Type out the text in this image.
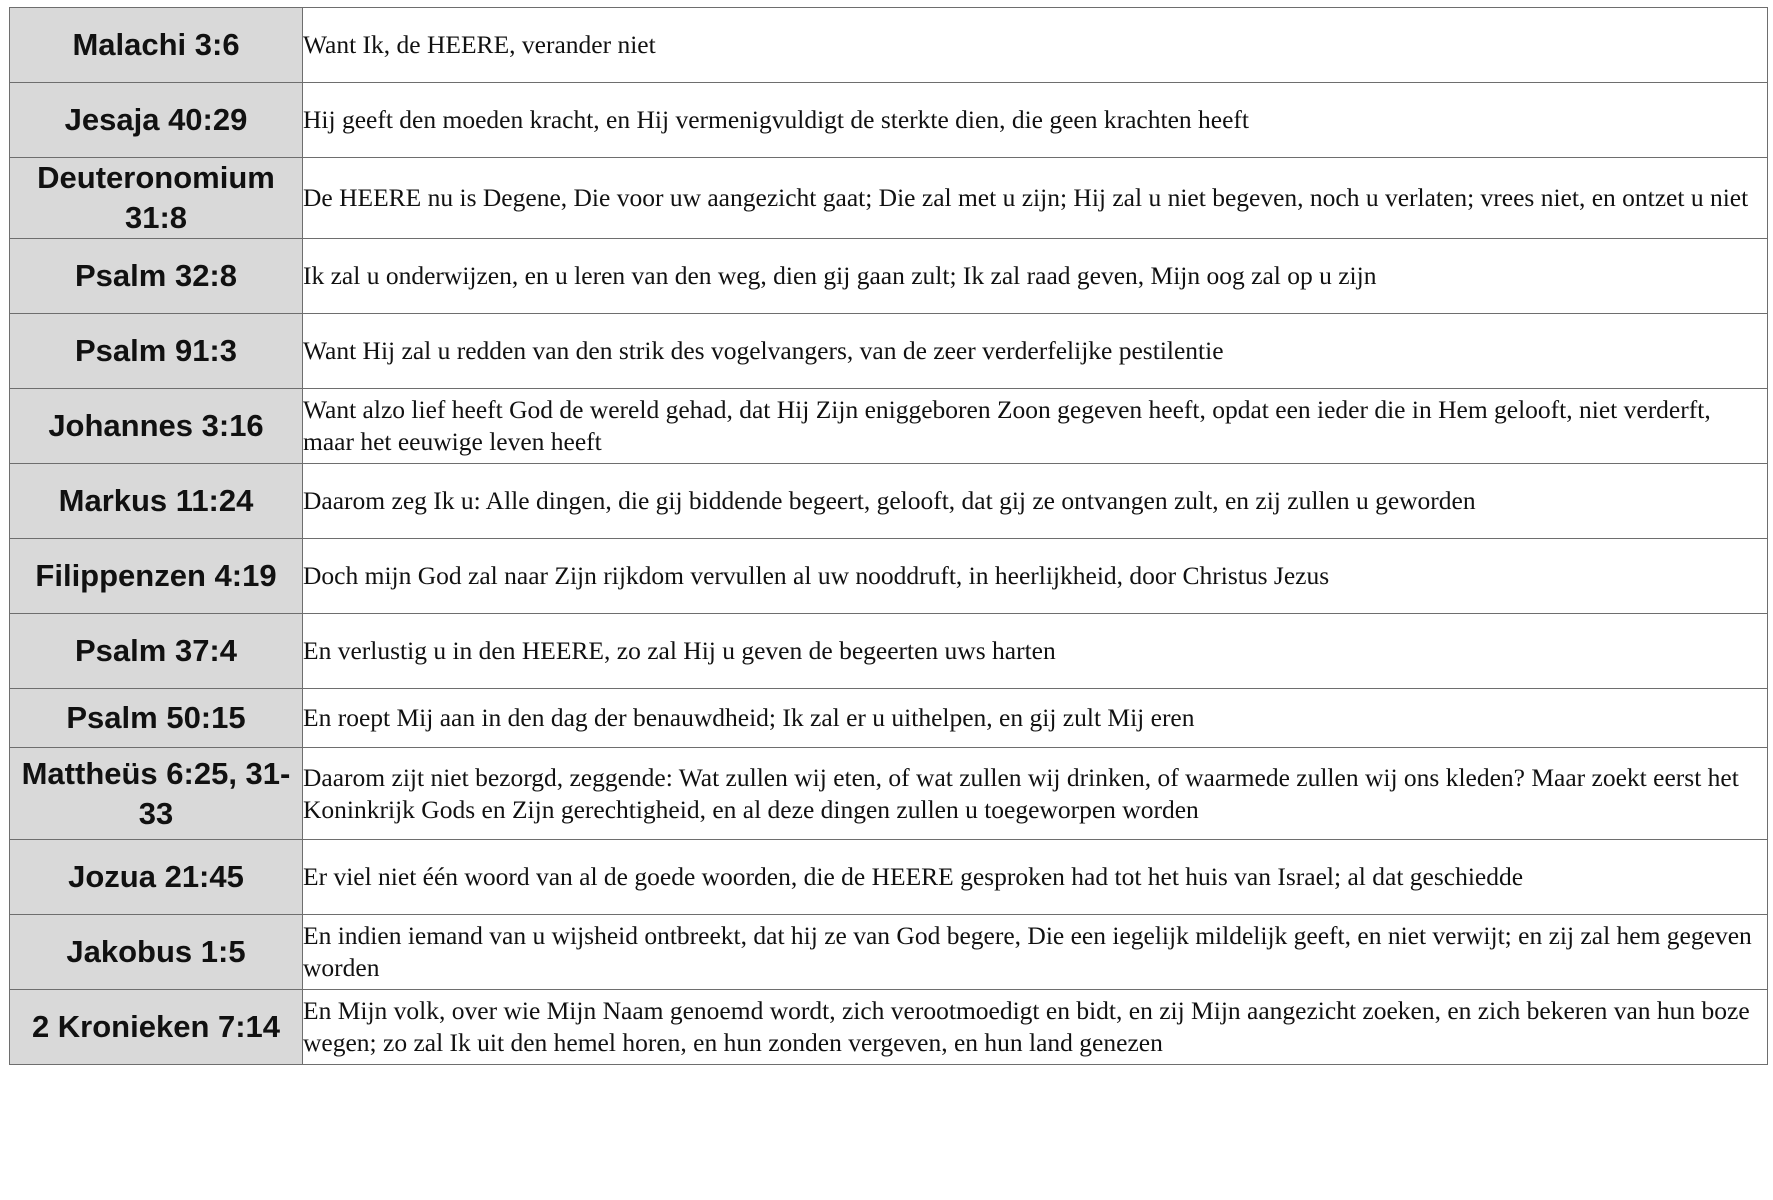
Malachi 3:6	Want Ik, de HEERE, verander niet
Jesaja 40:29	Hij geeft den moeden kracht, en Hij vermenigvuldigt de sterkte dien, die geen krachten heeft
Deuteronomium 31:8	De HEERE nu is Degene, Die voor uw aangezicht gaat; Die zal met u zijn; Hij zal u niet begeven, noch u verlaten; vrees niet, en ontzet u niet
Psalm 32:8	Ik zal u onderwijzen, en u leren van den weg, dien gij gaan zult; Ik zal raad geven, Mijn oog zal op u zijn
Psalm 91:3	Want Hij zal u redden van den strik des vogelvangers, van de zeer verderfelijke pestilentie
Johannes 3:16	Want alzo lief heeft God de wereld gehad, dat Hij Zijn eniggeboren Zoon gegeven heeft, opdat een ieder die in Hem gelooft, niet verderft, maar het eeuwige leven heeft
Markus 11:24	Daarom zeg Ik u: Alle dingen, die gij biddende begeert, gelooft, dat gij ze ontvangen zult, en zij zullen u geworden
Filippenzen 4:19	Doch mijn God zal naar Zijn rijkdom vervullen al uw nooddruft, in heerlijkheid, door Christus Jezus
Psalm 37:4	En verlustig u in den HEERE, zo zal Hij u geven de begeerten uws harten
Psalm 50:15	En roept Mij aan in den dag der benauwdheid; Ik zal er u uithelpen, en gij zult Mij eren
Mattheüs 6:25, 31-33	Daarom zijt niet bezorgd, zeggende: Wat zullen wij eten, of wat zullen wij drinken, of waarmede zullen wij ons kleden? Maar zoekt eerst het Koninkrijk Gods en Zijn gerechtigheid, en al deze dingen zullen u toegeworpen worden
Jozua 21:45	Er viel niet één woord van al de goede woorden, die de HEERE gesproken had tot het huis van Israel; al dat geschiedde
Jakobus 1:5	En indien iemand van u wijsheid ontbreekt, dat hij ze van God begere, Die een iegelijk mildelijk geeft, en niet verwijt; en zij zal hem gegeven worden
2 Kronieken 7:14	En Mijn volk, over wie Mijn Naam genoemd wordt, zich verootmoedigt en bidt, en zij Mijn aangezicht zoeken, en zich bekeren van hun boze wegen; zo zal Ik uit den hemel horen, en hun zonden vergeven, en hun land genezen
